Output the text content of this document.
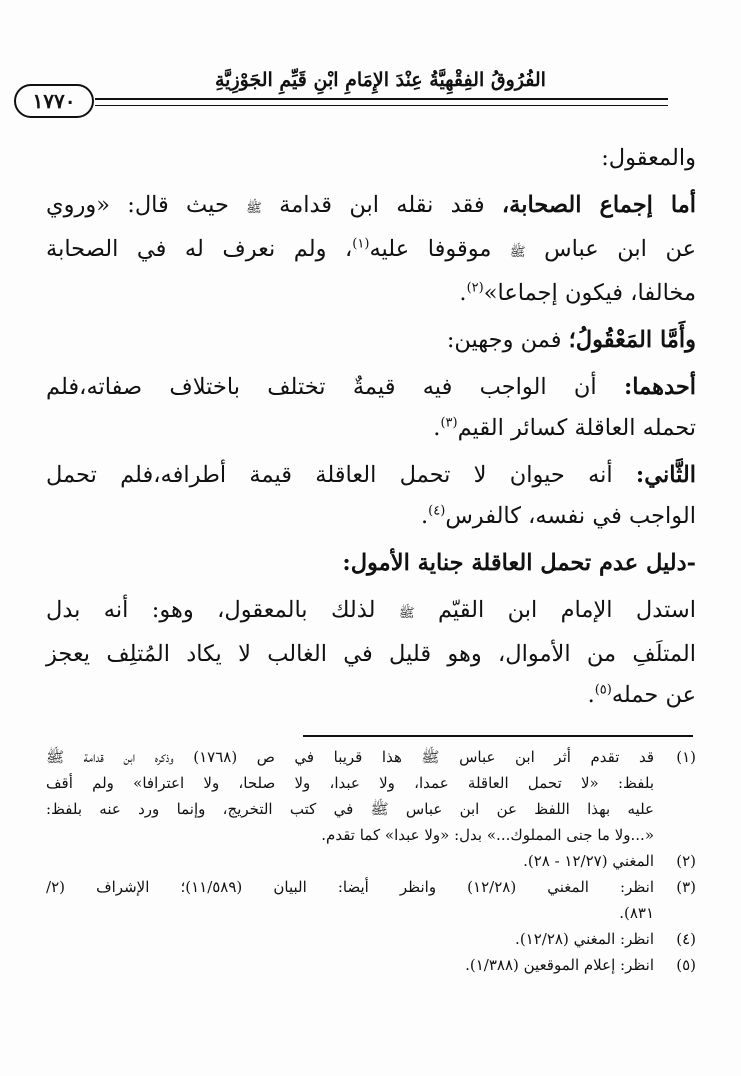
الفُرُوقُ الفِقْهِيَّةُ عِنْدَ الإِمَامِ ابْنِ قَيِّمِ الجَوْزِيَّةِ
١٧٧٠

والمعقول:

أما إجماع الصحابة، فقد نقله ابن قدامة ﷺ حيث قال: «وروي
عن ابن عباس ﷺ موقوفا عليه$^{(١)}$، ولم نعرف له في الصحابة
مخالفا، فيكون إجماعا»$^{(٢)}$.

وأَمَّا المَعْقُولُ؛ فمن وجهين:

أحدهما: أن الواجب فيه قيمةٌ تختلف باختلاف صفاته،فلم
تحمله العاقلة كسائر القيم$^{(٣)}$.

الثَّاني: أنه حيوان لا تحمل العاقلة قيمة أطرافه،فلم تحمل
الواجب في نفسه، كالفرس$^{(٤)}$.

-دليل عدم تحمل العاقلة جناية الأمول:

استدل الإمام ابن القيّم ﷺ لذلك بالمعقول، وهو: أنه بدل
المتلَفِ من الأموال، وهو قليل في الغالب لا يكاد المُتلِف يعجز
عن حمله$^{(٥)}$.

(١)
قد تقدم أثر ابن عباس ﷺ هذا قريبا في ص (١٧٦٨) وذكره ابن قدامة ﷺ
بلفظ: «لا تحمل العاقلة عمدا، ولا عبدا، ولا صلحا، ولا اعترافا» ولم أقف
عليه بهذا اللفظ عن ابن عباس ﷺ في كتب التخريج، وإنما ورد عنه بلفظ:
«...ولا ما جنى المملوك...» بدل: «ولا عبدا» كما تقدم.
(٢)
المغني (١٢/٢٧ - ٢٨).
(٣)
انظر: المغني (١٢/٢٨) وانظر أيضا: البيان (١١/٥٨٩)؛ الإشراف (٢/
٨٣١).
(٤)
انظر: المغني (١٢/٢٨).
(٥)
انظر: إعلام الموقعين (١/٣٨٨).
